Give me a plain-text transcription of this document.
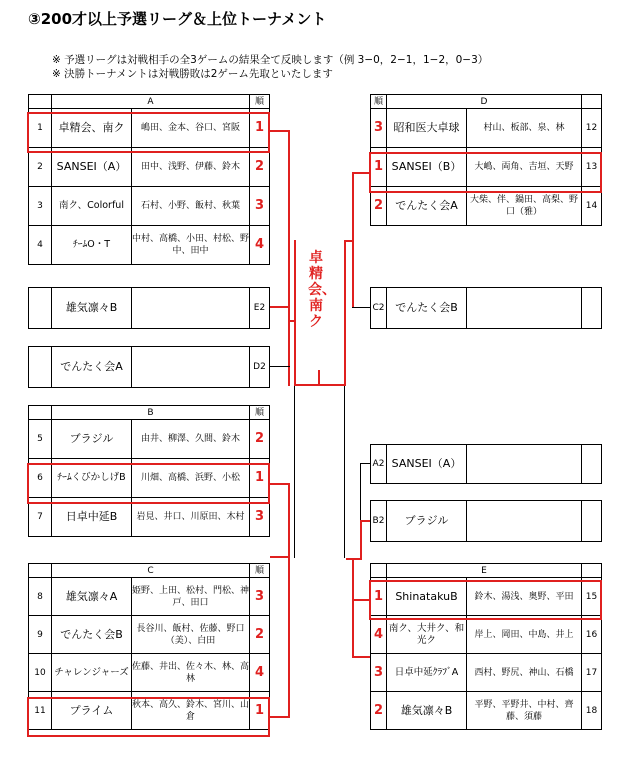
③200才以上予選リーグ＆上位トーナメント
※ 予選リーグは対戦相手の全3ゲームの結果全て反映します（例 3−0，2−1，1−2，0−3）
※ 決勝トーナメントは対戦勝敗は2ゲーム先取といたします
	A		順
1	卓精会、南ク	嶋田、金本、谷口、宮阪	1
2	SANSEI（A）	田中、浅野、伊藤、鈴木	2
3	南ク、Colorful	石村、小野、飯村、秋葉	3
4	ﾁｰﾑO・T	中村、高橋、小田、村松、野中、田中	4
	雄気凛々B		E2
	でんたく会A		D2
	B		順
5	ブラジル	由井、柳澤、久間、鈴木	2
6	ﾁｰﾑくびかしげB	川畑、高橋、浜野、小松	1
7	日卓中延B	岩見、井口、川原田、木村	3
	C		順
8	雄気凛々A	姫野、上田、松村、門松、神戸、田口	3
9	でんたく会B	長谷川、飯村、佐藤、野口（美）、白田	2
10	チャレンジャーズ	佐藤、井出、佐々木、林、高林	4
11	プライム	秋本、高久、鈴木、宮川、山倉	1
順	D		
3	昭和医大卓球	村山、板部、泉、林	12
1	SANSEI（B）	大嶋、両角、吉垣、天野	13
2	でんたく会A	大柴、伴、鍋田、高梨、野口（雅）	14
C2	でんたく会B		
A2	SANSEI（A）		
B2	ブラジル		
	E		
1	ShinatakuB	鈴木、湯浅、奥野、平田	15
4	南ク、大井ク、和光ク	岸上、岡田、中島、井上	16
3	日卓中延ｸﾗﾌﾞA	西村、野尻、神山、石橋	17
2	雄気凛々B	平野、平野井、中村、齊藤、須藤	18
卓精会、南ク
